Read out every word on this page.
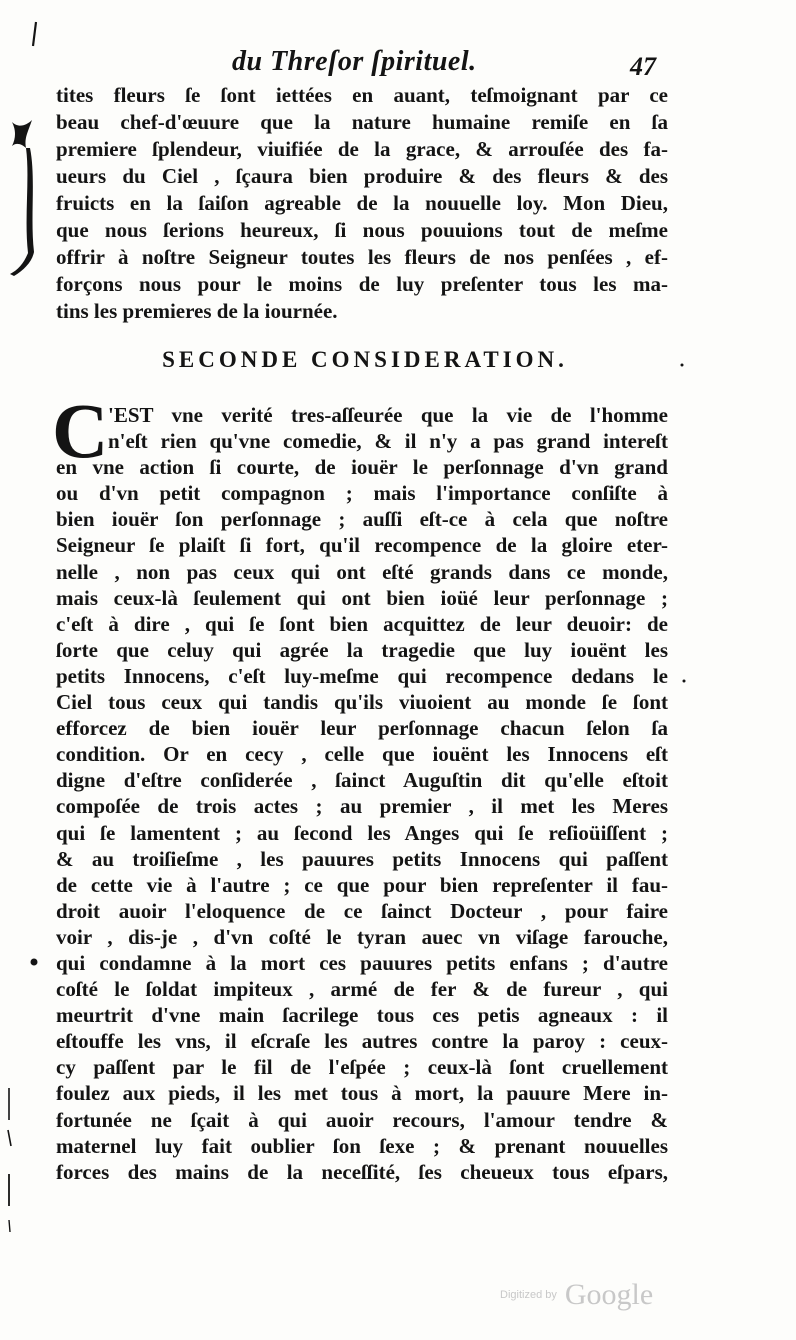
du Threſor ſpirituel.	47
tites fleurs ſe ſont iettées en auant, teſmoignant par ce
beau chef-d'œuure que la nature humaine remiſe en ſa
premiere ſplendeur, viuifiée de la grace, & arrouſée des fa-
ueurs du Ciel , ſçaura bien produire & des fleurs & des
fruicts en la ſaiſon agreable de la nouuelle loy. Mon Dieu,
que nous ſerions heureux, ſi nous pouuions tout de meſme
offrir à noſtre Seigneur toutes les fleurs de nos penſées , ef-
forçons nous pour le moins de luy preſenter tous les ma-
tins les premieres de la iournée.
SECONDE CONSIDERATION.
C 'EST vne verité tres-aſſeurée que la vie de l'homme
n'eſt rien qu'vne comedie, & il n'y a pas grand intereſt
en vne action ſi courte, de iouër le perſonnage d'vn grand
ou d'vn petit compagnon ; mais l'importance conſiſte à
bien iouër ſon perſonnage ; auſſi eſt-ce à cela que noſtre
Seigneur ſe plaiſt ſi fort, qu'il recompence de la gloire eter-
nelle , non pas ceux qui ont eſté grands dans ce monde,
mais ceux-là ſeulement qui ont bien ioüé leur perſonnage ;
c'eſt à dire , qui ſe ſont bien acquittez de leur deuoir: de
ſorte que celuy qui agrée la tragedie que luy iouënt les
petits Innocens, c'eſt luy-meſme qui recompence dedans le
Ciel tous ceux qui tandis qu'ils viuoient au monde ſe ſont
efforcez de bien iouër leur perſonnage chacun ſelon ſa
condition. Or en cecy , celle que iouënt les Innocens eſt
digne d'eſtre conſiderée , ſainct Auguſtin dit qu'elle eſtoit
compoſée de trois actes ; au premier , il met les Meres
qui ſe lamentent ; au ſecond les Anges qui ſe reſioüiſſent ;
& au troiſieſme , les pauures petits Innocens qui paſſent
de cette vie à l'autre ; ce que pour bien repreſenter il fau-
droit auoir l'eloquence de ce ſainct Docteur , pour faire
voir , dis-je , d'vn coſté le tyran auec vn viſage farouche,
qui condamne à la mort ces pauures petits enfans ; d'autre
coſté le ſoldat impiteux , armé de fer & de fureur , qui
meurtrit d'vne main ſacrilege tous ces petis agneaux : il
eſtouffe les vns, il eſcraſe les autres contre la paroy : ceux-
cy paſſent par le fil de l'eſpée ; ceux-là ſont cruellement
foulez aux pieds, il les met tous à mort, la pauure Mere in-
fortunée ne ſçait à qui auoir recours, l'amour tendre &
maternel luy fait oublier ſon ſexe ; & prenant nouuelles
forces des mains de la neceſſité, ſes cheueux tous eſpars,
Digitized by Google
